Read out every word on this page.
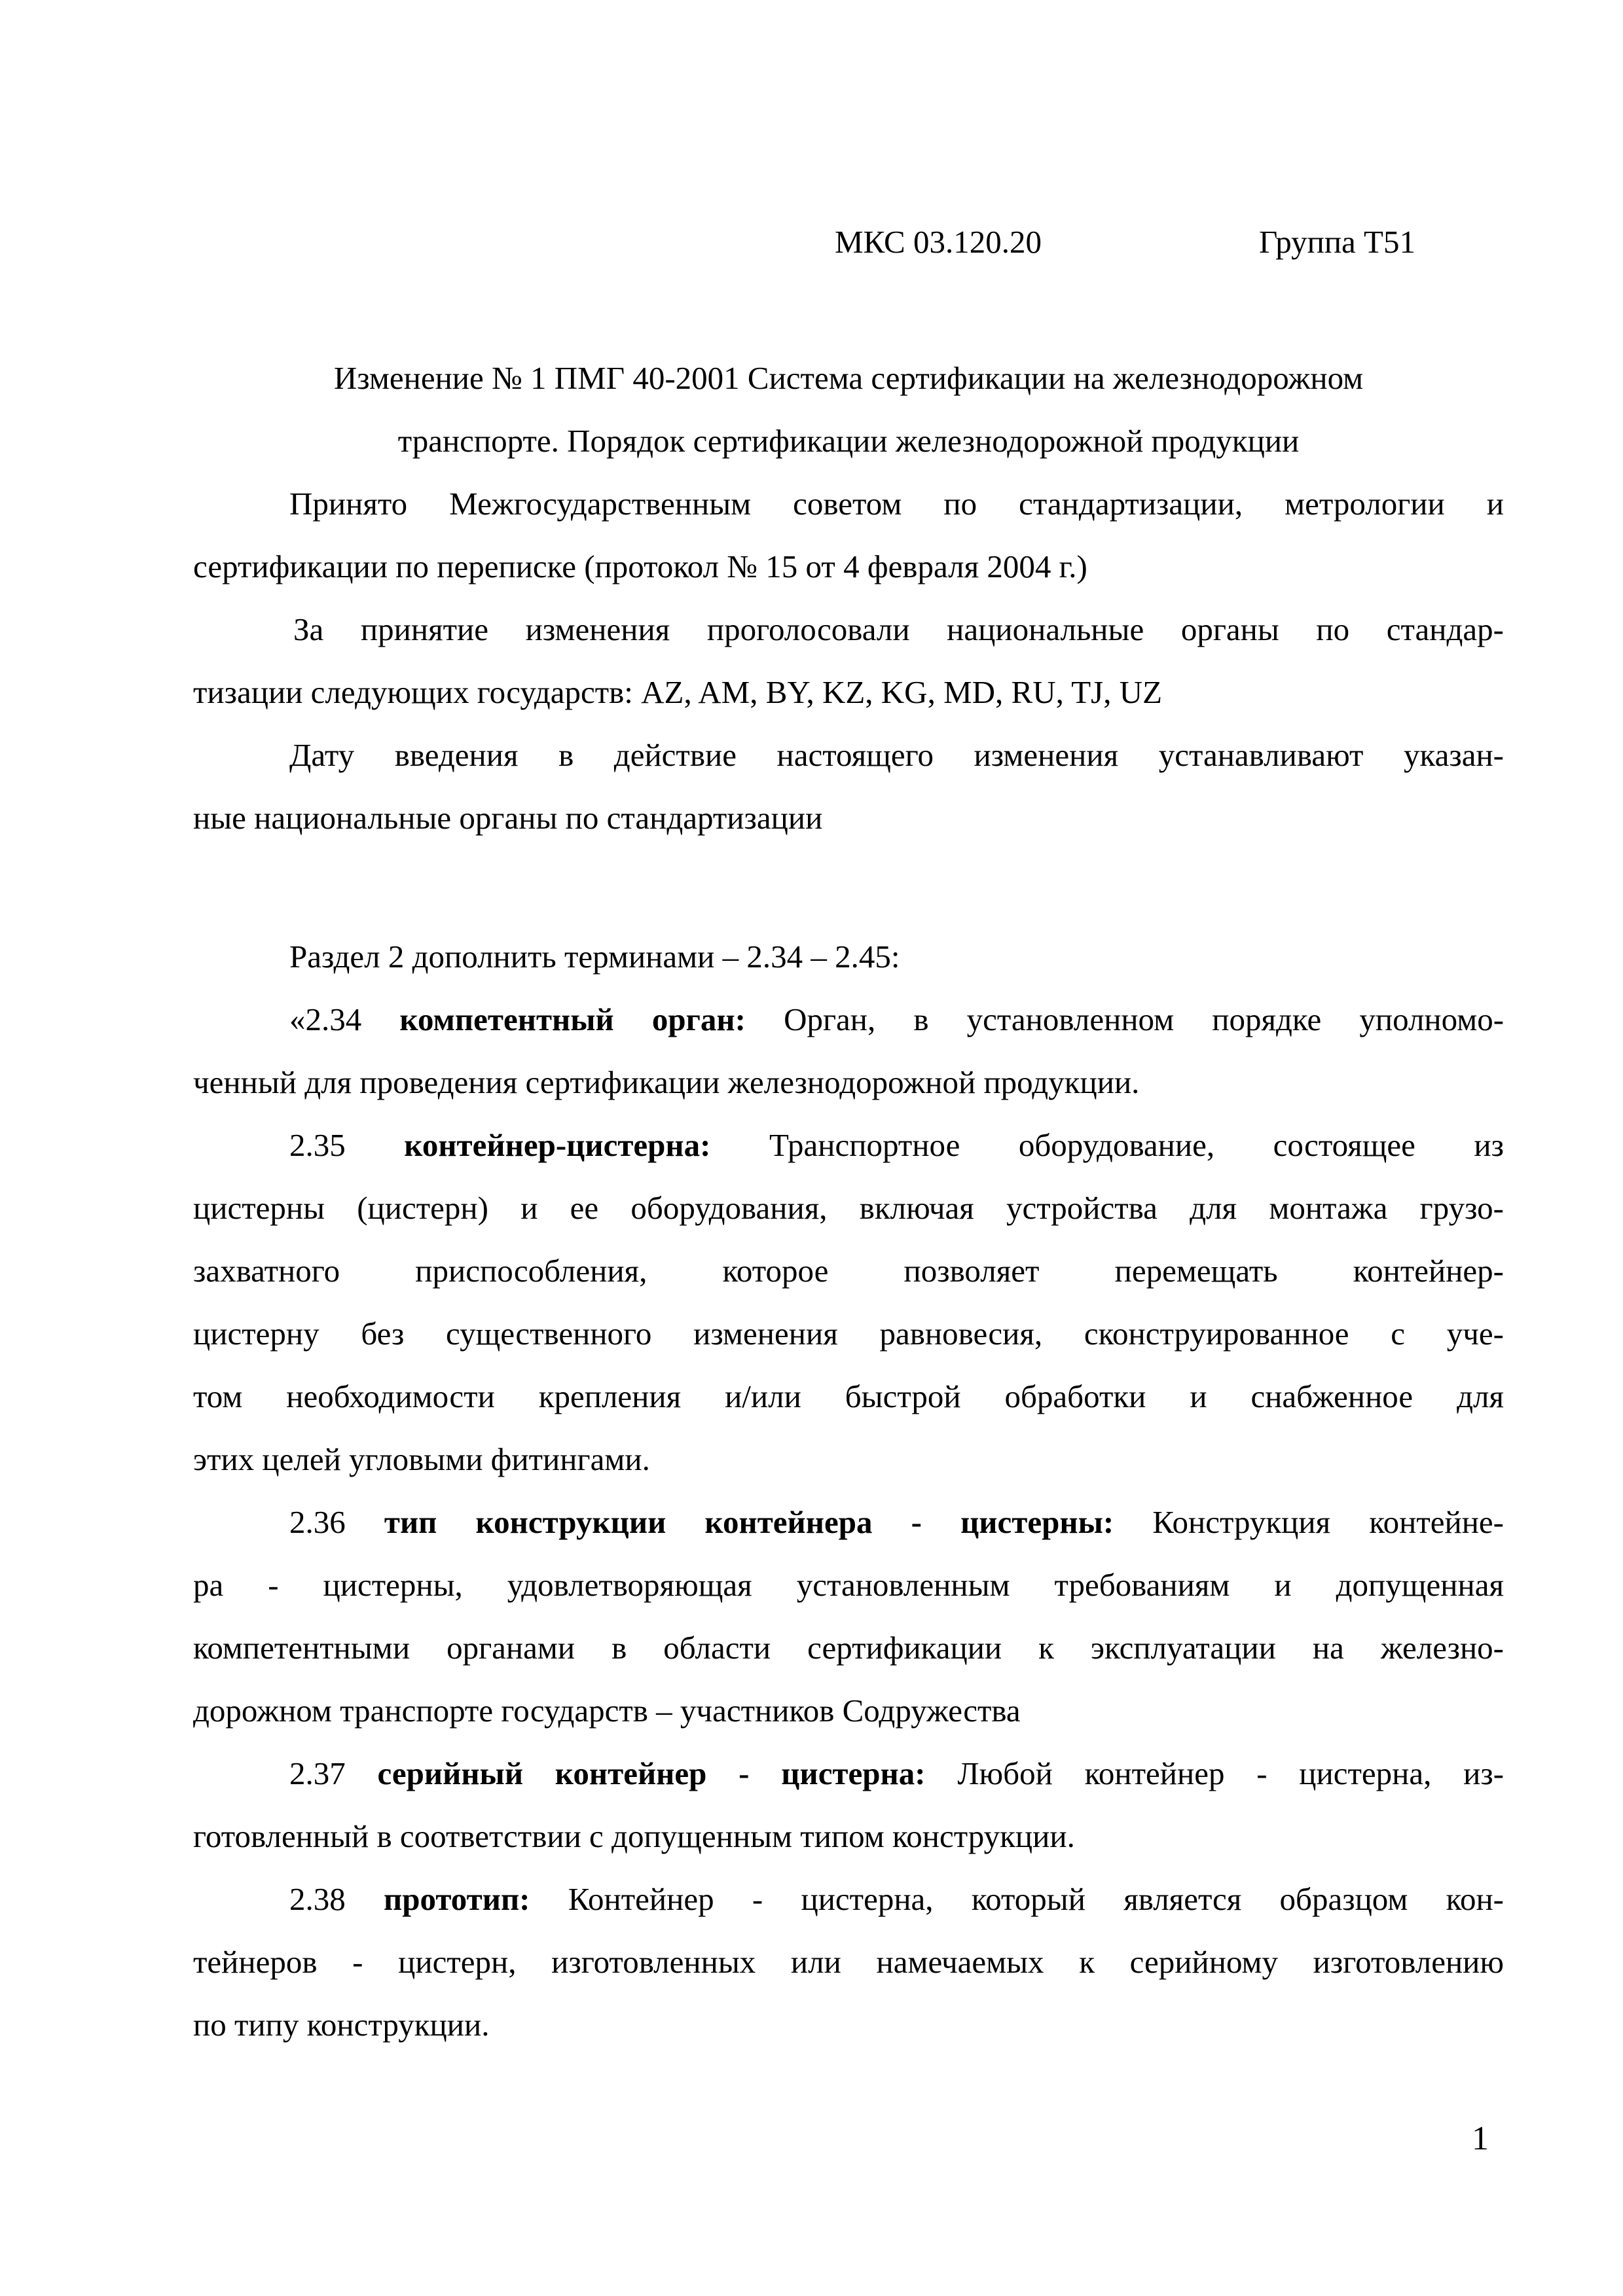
МКС 03.120.20	Группа Т51
Изменение № 1 ПМГ 40-2001 Система сертификации на железнодорожном
транспорте. Порядок сертификации железнодорожной продукции
Принято Межгосударственным советом по стандартизации, метрологии и
сертификации по переписке (протокол № 15 от 4 февраля 2004 г.)
За принятие изменения проголосовали национальные органы по стандар-
тизации следующих государств: AZ, AM, BY, KZ, KG, MD, RU, TJ, UZ
Дату введения в действие настоящего изменения устанавливают указан-
ные национальные органы по стандартизации
Раздел 2 дополнить терминами – 2.34 – 2.45:
«2.34 компетентный орган: Орган, в установленном порядке уполномо-
ченный для проведения сертификации железнодорожной продукции.
2.35 контейнер-цистерна: Транспортное оборудование, состоящее из
цистерны (цистерн) и ее оборудования, включая устройства для монтажа грузо-
захватного приспособления, которое позволяет перемещать контейнер-
цистерну без существенного изменения равновесия, сконструированное с уче-
том необходимости крепления и/или быстрой обработки и снабженное для
этих целей угловыми фитингами.
2.36 тип конструкции контейнера - цистерны: Конструкция контейне-
ра - цистерны, удовлетворяющая установленным требованиям и допущенная
компетентными органами в области сертификации к эксплуатации на железно-
дорожном транспорте государств – участников Содружества
2.37 серийный контейнер - цистерна: Любой контейнер - цистерна, из-
готовленный в соответствии с допущенным типом конструкции.
2.38 прототип: Контейнер - цистерна, который является образцом кон-
тейнеров - цистерн, изготовленных или намечаемых к серийному изготовлению
по типу конструкции.
1
